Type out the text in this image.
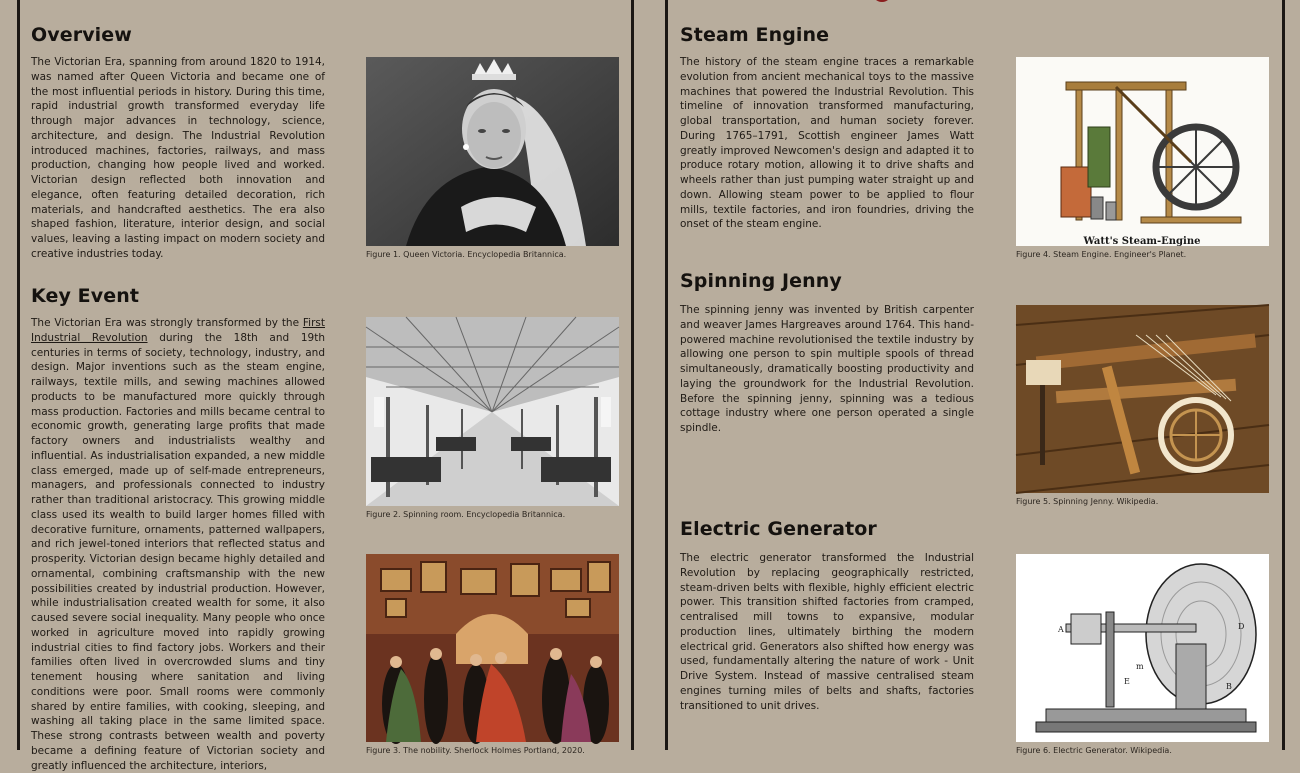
Overview

The Victorian Era, spanning from around 1820 to 1914, was named after Queen Victoria and became one of the most influential periods in history. During this time, rapid industrial growth transformed everyday life through major advances in technology, science, architecture, and design. The Industrial Revolution introduced machines, factories, railways, and mass production, changing how people lived and worked. Victorian design reflected both innovation and elegance, often featuring detailed decoration, rich materials, and handcrafted aesthetics. The era also shaped fashion, literature, interior design, and social values, leaving a lasting impact on modern society and creative industries today.	Figure 1. Queen Victoria. Encyclopedia Britannica.
Key Event

The Victorian Era was strongly transformed by the First Industrial Revolution during the 18th and 19th centuries in terms of society, technology, industry, and design. Major inventions such as the steam engine, railways, textile mills, and sewing machines allowed products to be manufactured more quickly through mass production. Factories and mills became central to economic growth, generating large profits that made factory owners and industrialists wealthy and influential. As industrialisation expanded, a new middle class emerged, made up of self-made entrepreneurs, managers, and professionals connected to industry rather than traditional aristocracy. This growing middle class used its wealth to build larger homes filled with decorative furniture, ornaments, patterned wallpapers, and rich jewel-toned interiors that reflected status and prosperity. Victorian design became highly detailed and ornamental, combining craftsmanship with the new possibilities created by industrial production. However, while industrialisation created wealth for some, it also caused severe social inequality. Many people who once worked in agriculture moved into rapidly growing industrial cities to find factory jobs. Workers and their families often lived in overcrowded slums and tiny tenement housing where sanitation and living conditions were poor. Small rooms were commonly shared by entire families, with cooking, sleeping, and washing all taking place in the same limited space. These strong contrasts between wealth and poverty became a defining feature of Victorian society and greatly influenced the architecture, interiors,

Figure 2. Spinning room. Encyclopedia Britannica.
Figure 3. The nobility. Sherlock Holmes Portland, 2020.
Steam Engine

The history of the steam engine traces a remarkable evolution from ancient mechanical toys to the massive machines that powered the Industrial Revolution. This timeline of innovation transformed manufacturing, global transportation, and human society forever. During 1765–1791, Scottish engineer James Watt greatly improved Newcomen's design and adapted it to produce rotary motion, allowing it to drive shafts and wheels rather than just pumping water straight up and down. Allowing steam power to be applied to flour mills, textile factories, and iron foundries, driving the onset of the steam engine.

Watt's Steam-Engine
Figure 4. Steam Engine. Engineer's Planet.
Spinning Jenny

The spinning jenny was invented by British carpenter and weaver James Hargreaves around 1764. This hand-powered machine revolutionised the textile industry by allowing one person to spin multiple spools of thread simultaneously, dramatically boosting productivity and laying the groundwork for the Industrial Revolution. Before the spinning jenny, spinning was a tedious cottage industry where one person operated a single spindle.

Figure 5. Spinning Jenny. Wikipedia.
Electric Generator

The electric generator transformed the Industrial Revolution by replacing geographically restricted, steam-driven belts with flexible, highly efficient electric power. This transition shifted factories from cramped, centralised mill towns to expansive, modular production lines, ultimately birthing the modern electrical grid. Generators also shifted how energy was used, fundamentally altering the nature of work - Unit Drive System. Instead of massive centralised steam engines turning miles of belts and shafts, factories transitioned to unit drives.

A	D
B
m
E
Figure 6. Electric Generator. Wikipedia.
